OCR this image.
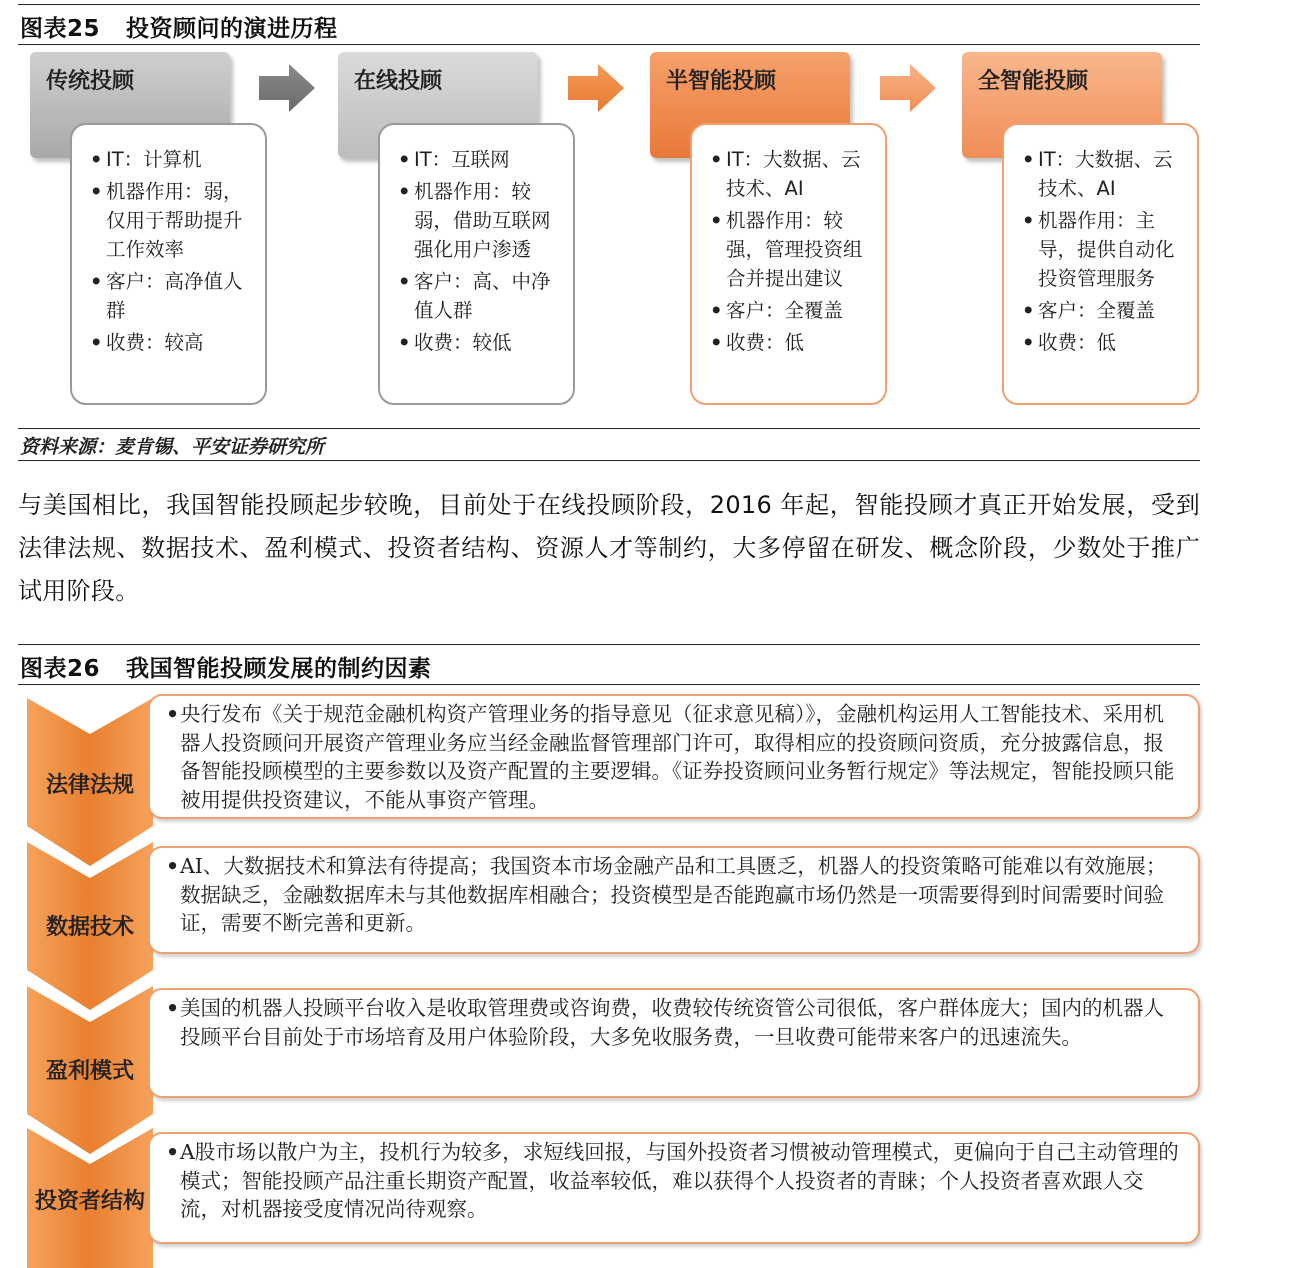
图表25 投资顾问的演进历程
传统投顾
• IT：计算机
• 机器作用：弱，仅用于帮助提升工作效率
• 客户：高净值人群
• 收费：较高
在线投顾
• IT：互联网
• 机器作用：较弱，借助互联网强化用户渗透
• 客户：高、中净值人群
• 收费：较低
半智能投顾
• IT：大数据、云技术、AI
• 机器作用：较强，管理投资组合并提出建议
• 客户：全覆盖
• 收费：低
全智能投顾
• IT：大数据、云技术、AI
• 机器作用：主导，提供自动化投资管理服务
• 客户：全覆盖
• 收费：低
资料来源：麦肯锡、平安证券研究所
与美国相比，我国智能投顾起步较晚，目前处于在线投顾阶段，2016 年起，智能投顾才真正开始发展，受到法律法规、数据技术、盈利模式、投资者结构、资源人才等制约，大多停留在研发、概念阶段，少数处于推广试用阶段。
图表26 我国智能投顾发展的制约因素
法律法规
• 央行发布《关于规范金融机构资产管理业务的指导意见（征求意见稿）》，金融机构运用人工智能技术、采用机器人投资顾问开展资产管理业务应当经金融监督管理部门许可，取得相应的投资顾问资质，充分披露信息，报备智能投顾模型的主要参数以及资产配置的主要逻辑。《证券投资顾问业务暂行规定》等法规定，智能投顾只能被用提供投资建议，不能从事资产管理。
数据技术
• AI、大数据技术和算法有待提高；我国资本市场金融产品和工具匮乏，机器人的投资策略可能难以有效施展；数据缺乏，金融数据库未与其他数据库相融合；投资模型是否能跑赢市场仍然是一项需要得到时间需要时间验证，需要不断完善和更新。
盈利模式
• 美国的机器人投顾平台收入是收取管理费或咨询费，收费较传统资管公司很低，客户群体庞大；国内的机器人投顾平台目前处于市场培育及用户体验阶段，大多免收服务费，一旦收费可能带来客户的迅速流失。
投资者结构
• A股市场以散户为主，投机行为较多，求短线回报，与国外投资者习惯被动管理模式，更偏向于自己主动管理的模式；智能投顾产品注重长期资产配置，收益率较低，难以获得个人投资者的青睐；个人投资者喜欢跟人交流，对机器接受度情况尚待观察。
